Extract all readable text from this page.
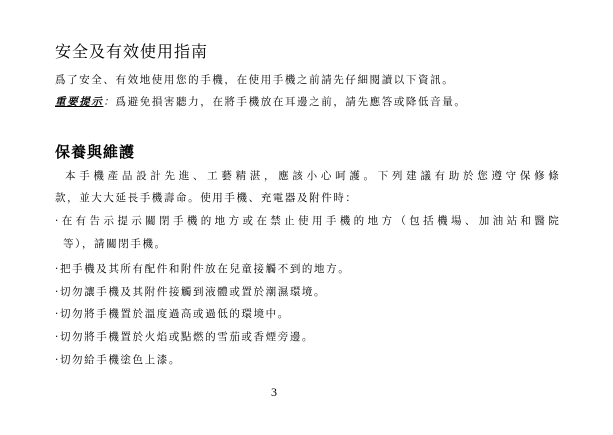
安全及有效使用指南
爲了安全、有效地使用您的手機，在使用手機之前請先仔細閱讀以下資訊。
重要提示：爲避免損害聽力，在將手機放在耳邊之前，請先應答或降低音量。
保養與維護
本手機產品設計先進、工藝精湛，應該小心呵護。下列建議有助於您遵守保修條
款，並大大延長手機壽命。使用手機、充電器及附件時：
·在有告示提示關閉手機的地方或在禁止使用手機的地方（包括機場、加油站和醫院
等），請關閉手機。
·把手機及其所有配件和附件放在兒童接觸不到的地方。
·切勿讓手機及其附件接觸到液體或置於潮濕環境。
·切勿將手機置於溫度過高或過低的環境中。
·切勿將手機置於火焰或點燃的雪茄或香煙旁邊。
·切勿給手機塗色上漆。
3
